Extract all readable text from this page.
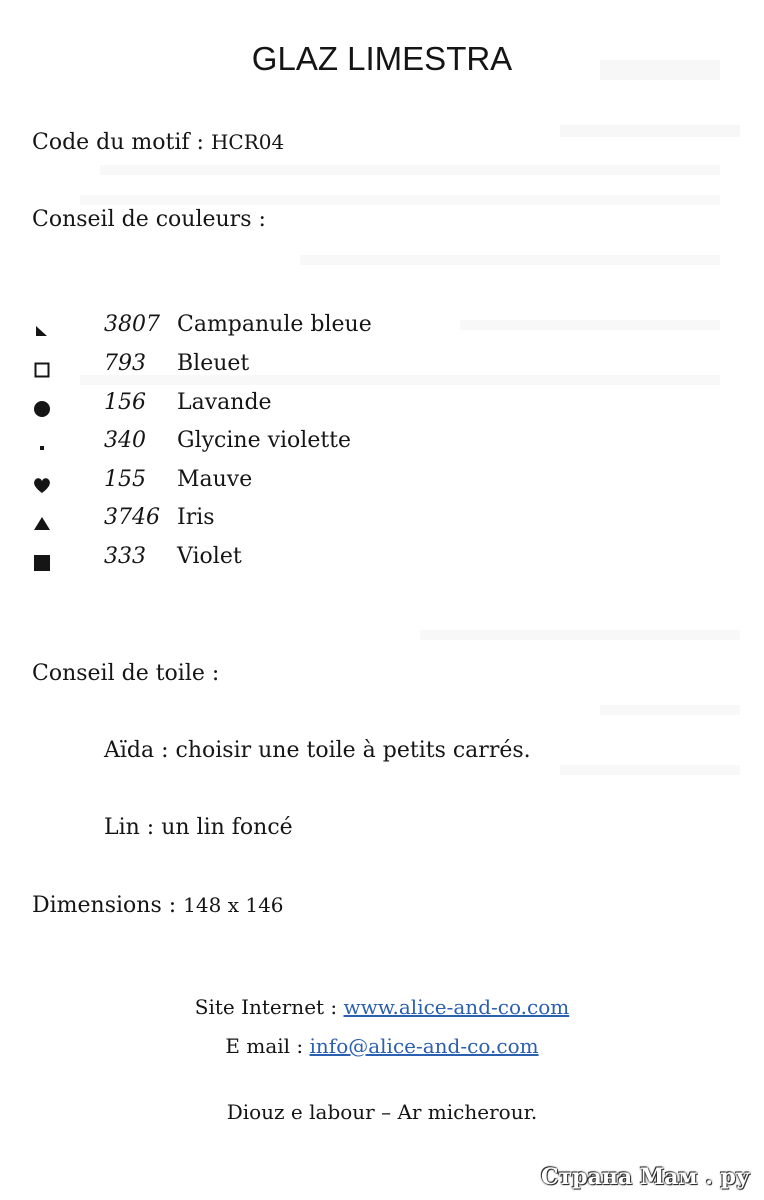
GLAZ LIMESTRA
Code du motif : HCR04
Conseil de couleurs :
3807 Campanule bleue
793 Bleuet
156 Lavande
340 Glycine violette
155 Mauve
3746 Iris
333 Violet
Conseil de toile :
Aïda : choisir une toile à petits carrés.
Lin : un lin foncé
Dimensions : 148 x 146
Site Internet : www.alice-and-co.com
E mail : info@alice-and-co.com
Diouz e labour – Ar micherour.
Страна Мам . ру
